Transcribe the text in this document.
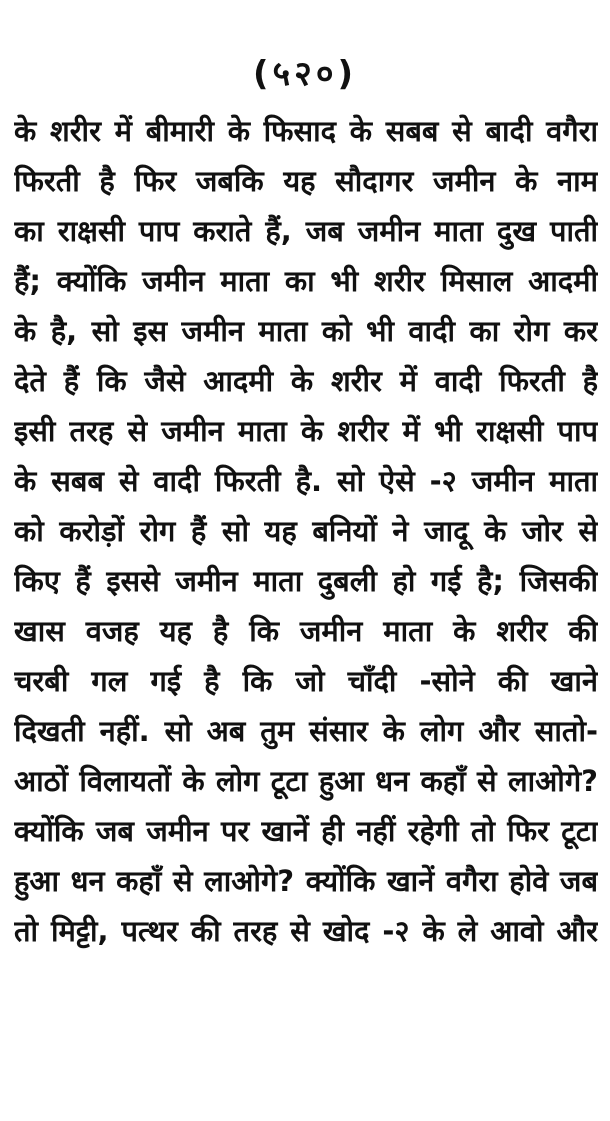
(५२०)
के शरीर में बीमारी के फिसाद के सबब से बादी वगैरा
फिरती है फिर जबकि यह सौदागर जमीन के नाम
का राक्षसी पाप कराते हैं, जब जमीन माता दुख पाती
हैं; क्योंकि जमीन माता का भी शरीर मिसाल आदमी
के है, सो इस जमीन माता को भी वादी का रोग कर
देते हैं कि जैसे आदमी के शरीर में वादी फिरती है
इसी तरह से जमीन माता के शरीर में भी राक्षसी पाप
के सबब से वादी फिरती है. सो ऐसे -२ जमीन माता
को करोड़ों रोग हैं सो यह बनियों ने जादू के जोर से
किए हैं इससे जमीन माता दुबली हो गई है; जिसकी
खास वजह यह है कि जमीन माता के शरीर की
चरबी गल गई है कि जो चाँदी -सोने की खाने
दिखती नहीं. सो अब तुम संसार के लोग और सातो-
आठों विलायतों के लोग टूटा हुआ धन कहाँ से लाओगे?
क्योंकि जब जमीन पर खानें ही नहीं रहेगी तो फिर टूटा
हुआ धन कहाँ से लाओगे? क्योंकि खानें वगैरा होवे जब
तो मिट्टी, पत्थर की तरह से खोद -२ के ले आवो और
